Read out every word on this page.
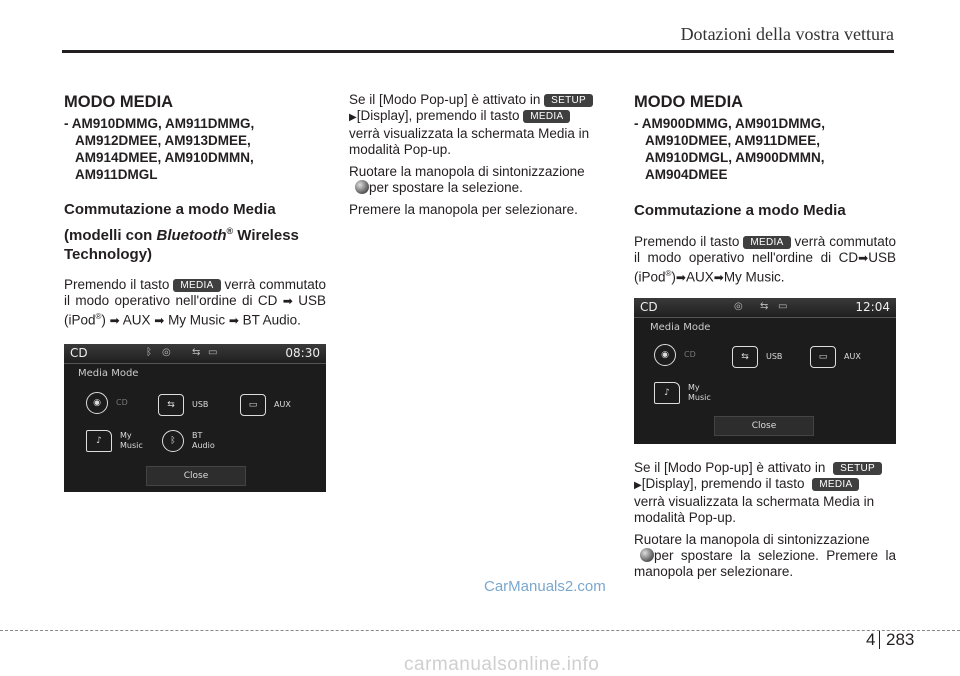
Dotazioni della vostra vettura
MODO MEDIA
- AM910DMMG, AM911DMMG,
AM912DMEE, AM913DMEE,
AM914DMEE, AM910DMMN,
AM911DMGL
Commutazione a modo Media
(modelli con Bluetooth® Wireless
Technology)

Premendo il tasto MEDIA verrà commutato il modo operativo nell'ordine di CD ➡ USB (iPod®) ➡ AUX ➡ My Music ➡ BT Audio.

CD	ᛒ ◎ ⇆ ▭	08:30
Media Mode
◉	CD	⇆	USB	▭	AUX
♪
My Music	ᛒ
BT Audio
Close

Se il [Modo Pop-up] è attivato in SETUP
▶[Display], premendo il tasto MEDIA
verrà visualizzata la schermata Media in modalità Pop-up.

Ruotare la manopola di sintonizzazione
per spostare la selezione.

Premere la manopola per selezionare.

MODO MEDIA
- AM900DMMG, AM901DMMG,
AM910DMEE, AM911DMEE,
AM910DMGL, AM900DMMN,
AM904DMEE
Commutazione a modo Media

Premendo il tasto MEDIA verrà commutato il modo operativo nell'ordine di CD➡USB (iPod®)➡AUX➡My Music.

CD	◎ ⇆ ▭	12:04
Media Mode
◉	CD	⇆	USB	▭	AUX
♪
My Music
Close

Se il [Modo Pop-up] è attivato in SETUP
▶[Display], premendo il tasto MEDIA
verrà visualizzata la schermata Media in modalità Pop-up.

Ruotare la manopola di sintonizzazione
per spostare la selezione. Premere la manopola per selezionare.

CarManuals2.com
4 283
carmanualsonline.info
